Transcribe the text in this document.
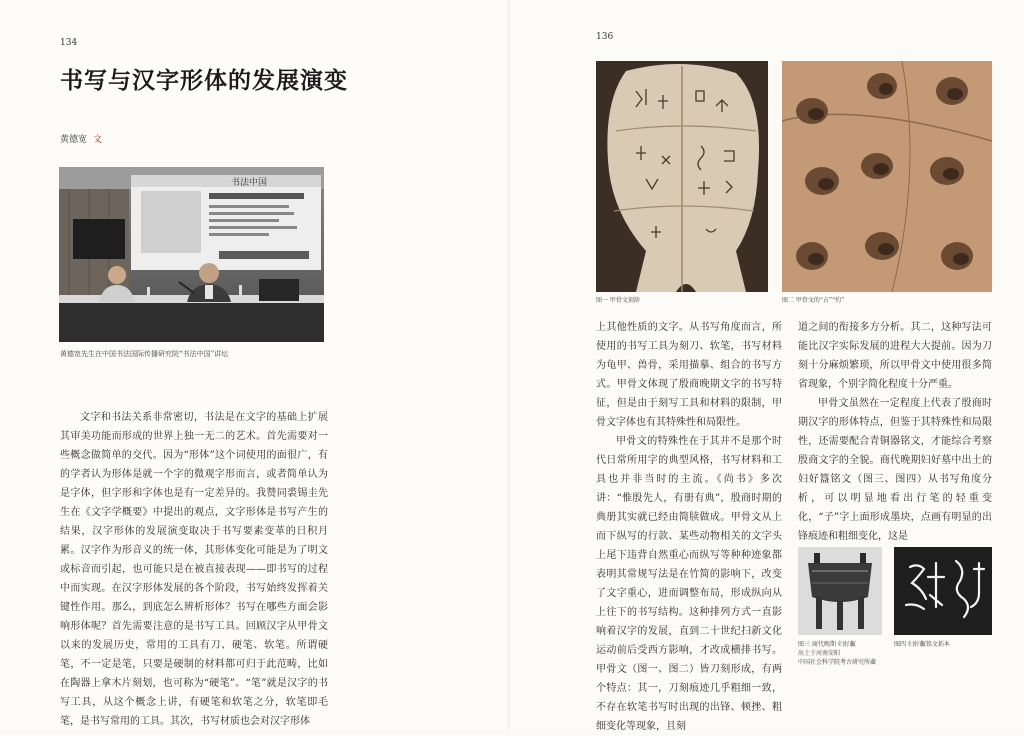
134
书写与汉字形体的发展演变
黄德宽 文
书法中国
黄德宽先生在中国书法国际传播研究院“书法中国”讲坛

文字和书法关系非常密切，书法是在文字的基础上扩展其审美功能而形成的世界上独一无二的艺术。首先需要对一些概念做简单的交代。因为“形体”这个词使用的面很广，有的学者认为形体是就一个字的微观字形而言，或者简单认为是字体，但字形和字体也是有一定差异的。我赞同裘锡圭先生在《文字学概要》中提出的观点，文字形体是书写产生的结果，汉字形体的发展演变取决于书写要素变革的日积月累。汉字作为形音义的统一体，其形体变化可能是为了明文或标音而引起，也可能只是在被直接表现——即书写的过程中而实现。在汉字形体发展的各个阶段，书写始终发挥着关键性作用。那么，到底怎么辨析形体？书写在哪些方面会影响形体呢？首先需要注意的是书写工具。回顾汉字从甲骨文以来的发展历史，常用的工具有刀、硬笔、软笔。所谓硬笔，不一定是笔，只要是硬制的材料都可归于此范畴，比如在陶器上拿木片刻划，也可称为“硬笔”。“笔”就是汉字的书写工具，从这个概念上讲，有硬笔和软笔之分，软笔即毛笔，是书写常用的工具。其次，书写材质也会对汉字形体

136
图一 甲骨文刻辞	图二 甲骨文的“占”“灼”

上其他性质的文字。从书写角度而言，所使用的书写工具为刻刀、软笔，书写材料为龟甲、兽骨，采用描摹、组合的书写方式。甲骨文体现了殷商晚期文字的书写特征，但是由于刻写工具和材料的限制，甲骨文字体也有其特殊性和局限性。

甲骨文的特殊性在于其并不是那个时代日常所用字的典型风格，书写材料和工具也并非当时的主流。《尚书》多次讲：“惟殷先人，有册有典”，殷商时期的典册其实就已经由简牍做成。甲骨文从上而下纵写的行款、某些动物相关的文字头上尾下违背自然重心而纵写等种种迹象都表明其常规写法是在竹简的影响下，改变了文字重心，进而调整布局，形成纵向从上往下的书写结构。这种排列方式一直影响着汉字的发展，直到二十世纪扫新文化运动前后受西方影响，才改成横排书写。甲骨文（图一、图二）皆刀刻形成，有两个特点：其一，刀刻痕迹几乎粗细一致，不存在软笔书写时出现的出锋、顿挫、粗细变化等现象，且刻

道之间的衔接多方分析。其二，这种写法可能比汉字实际发展的进程大大提前。因为刀刻十分麻烦繁琐，所以甲骨文中使用很多简省现象，个别字简化程度十分严重。

甲骨文虽然在一定程度上代表了殷商时期汉字的形体特点，但鉴于其特殊性和局限性，还需要配合青铜器铭文，才能综合考察殷商文字的全貌。商代晚期妇好墓中出土的妇好簋铭文（图三、图四）从书写角度分析，可以明显地看出行笔的轻重变化，“子”字上面形成墨块，点画有明显的出锋痕迹和粗细变化，这是

图三 商代晚期 妇好甗
出土于河南安阳
中国社会科学院考古研究所藏
图四 妇好甗铭文拓本
